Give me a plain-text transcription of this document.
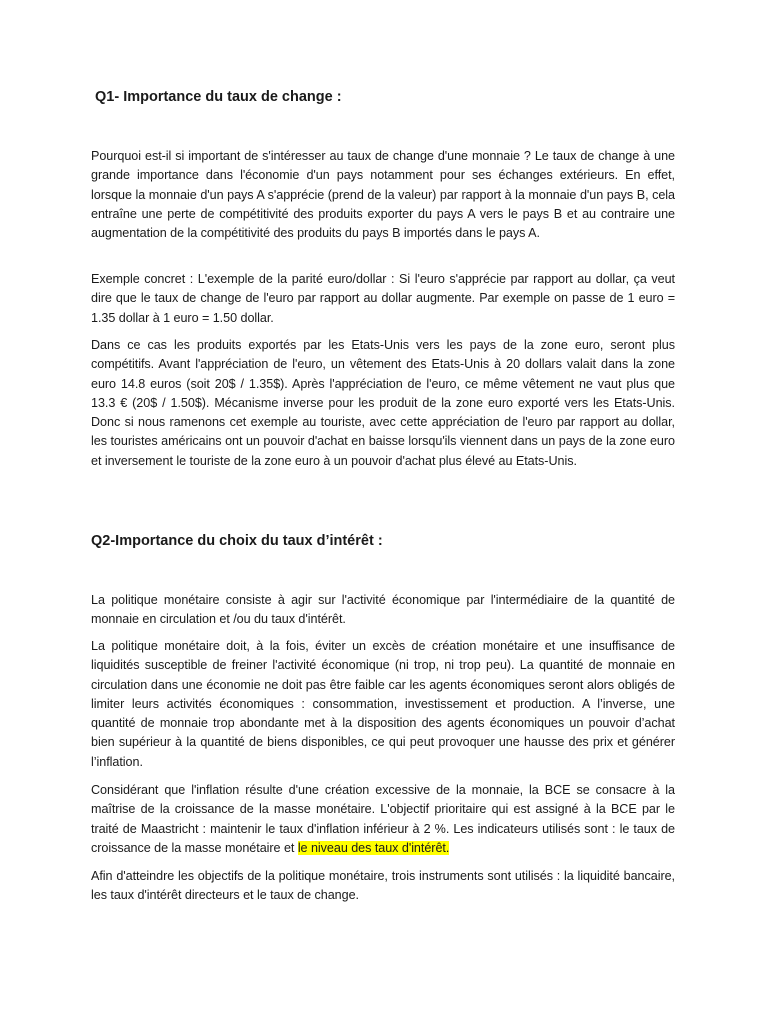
Q1- Importance du taux de change :

Pourquoi est-il si important de s'intéresser au taux de change d'une monnaie ? Le taux de change à une grande importance dans l'économie d'un pays notamment pour ses échanges extérieurs. En effet, lorsque la monnaie d'un pays A s'apprécie (prend de la valeur) par rapport à la monnaie d'un pays B, cela entraîne une perte de compétitivité des produits exporter du pays A vers le pays B et au contraire une augmentation de la compétitivité des produits du pays B importés dans le pays A.

Exemple concret : L'exemple de la parité euro/dollar : Si l'euro s'apprécie par rapport au dollar, ça veut dire que le taux de change de l'euro par rapport au dollar augmente. Par exemple on passe de 1 euro = 1.35 dollar à 1 euro = 1.50 dollar.

Dans ce cas les produits exportés par les Etats-Unis vers les pays de la zone euro, seront plus compétitifs. Avant l'appréciation de l'euro, un vêtement des Etats-Unis à 20 dollars valait dans la zone euro 14.8 euros (soit 20$ / 1.35$). Après l'appréciation de l'euro, ce même vêtement ne vaut plus que 13.3 € (20$ / 1.50$). Mécanisme inverse pour les produit de la zone euro exporté vers les Etats-Unis. Donc si nous ramenons cet exemple au touriste, avec cette appréciation de l'euro par rapport au dollar, les touristes américains ont un pouvoir d'achat en baisse lorsqu'ils viennent dans un pays de la zone euro et inversement le touriste de la zone euro à un pouvoir d'achat plus élevé au Etats-Unis.

Q2-Importance du choix du taux d’intérêt :

La politique monétaire consiste à agir sur l'activité économique par l'intermédiaire de la quantité de monnaie en circulation et /ou du taux d'intérêt.

La politique monétaire doit, à la fois, éviter un excès de création monétaire et une insuffisance de liquidités susceptible de freiner l'activité économique (ni trop, ni trop peu). La quantité de monnaie en circulation dans une économie ne doit pas être faible car les agents économiques seront alors obligés de limiter leurs activités économiques : consommation, investissement et production. A l’inverse, une quantité de monnaie trop abondante met à la disposition des agents économiques un pouvoir d’achat bien supérieur à la quantité de biens disponibles, ce qui peut provoquer une hausse des prix et générer l’inflation.

Considérant que l'inflation résulte d'une création excessive de la monnaie, la BCE se consacre à la maîtrise de la croissance de la masse monétaire. L'objectif prioritaire qui est assigné à la BCE par le traité de Maastricht : maintenir le taux d'inflation inférieur à 2 %. Les indicateurs utilisés sont : le taux de croissance de la masse monétaire et le niveau des taux d'intérêt.

Afin d'atteindre les objectifs de la politique monétaire, trois instruments sont utilisés : la liquidité bancaire, les taux d'intérêt directeurs et le taux de change.
